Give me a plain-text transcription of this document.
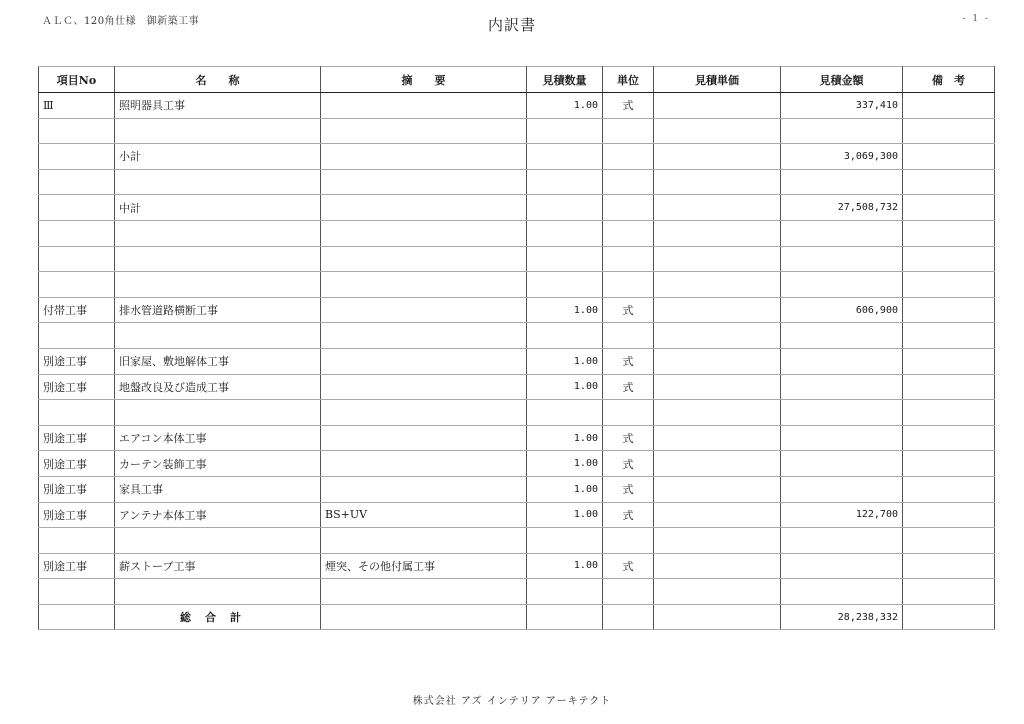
ＡＬＣ、120角仕様　御新築工事	内訳書	- 1 -
項目No	名　　称	摘　　要	見積数量	単位	見積単価	見積金額	備　考
Ⅲ	照明器具工事		1.00	式		337,410	

	小計					3,069,300	

	中計					27,508,732	

付帯工事	排水管道路横断工事		1.00	式		606,900	

別途工事	旧家屋、敷地解体工事		1.00	式			
別途工事	地盤改良及び造成工事		1.00	式			

別途工事	エアコン本体工事		1.00	式			
別途工事	カーテン装飾工事		1.00	式			
別途工事	家具工事		1.00	式			
別途工事	アンテナ本体工事	BS+UV	1.00	式		122,700	

別途工事	薪ストーブ工事	煙突、その他付属工事	1.00	式			

	総合計					28,238,332	
株式会社 アズ インテリア アーキテクト
